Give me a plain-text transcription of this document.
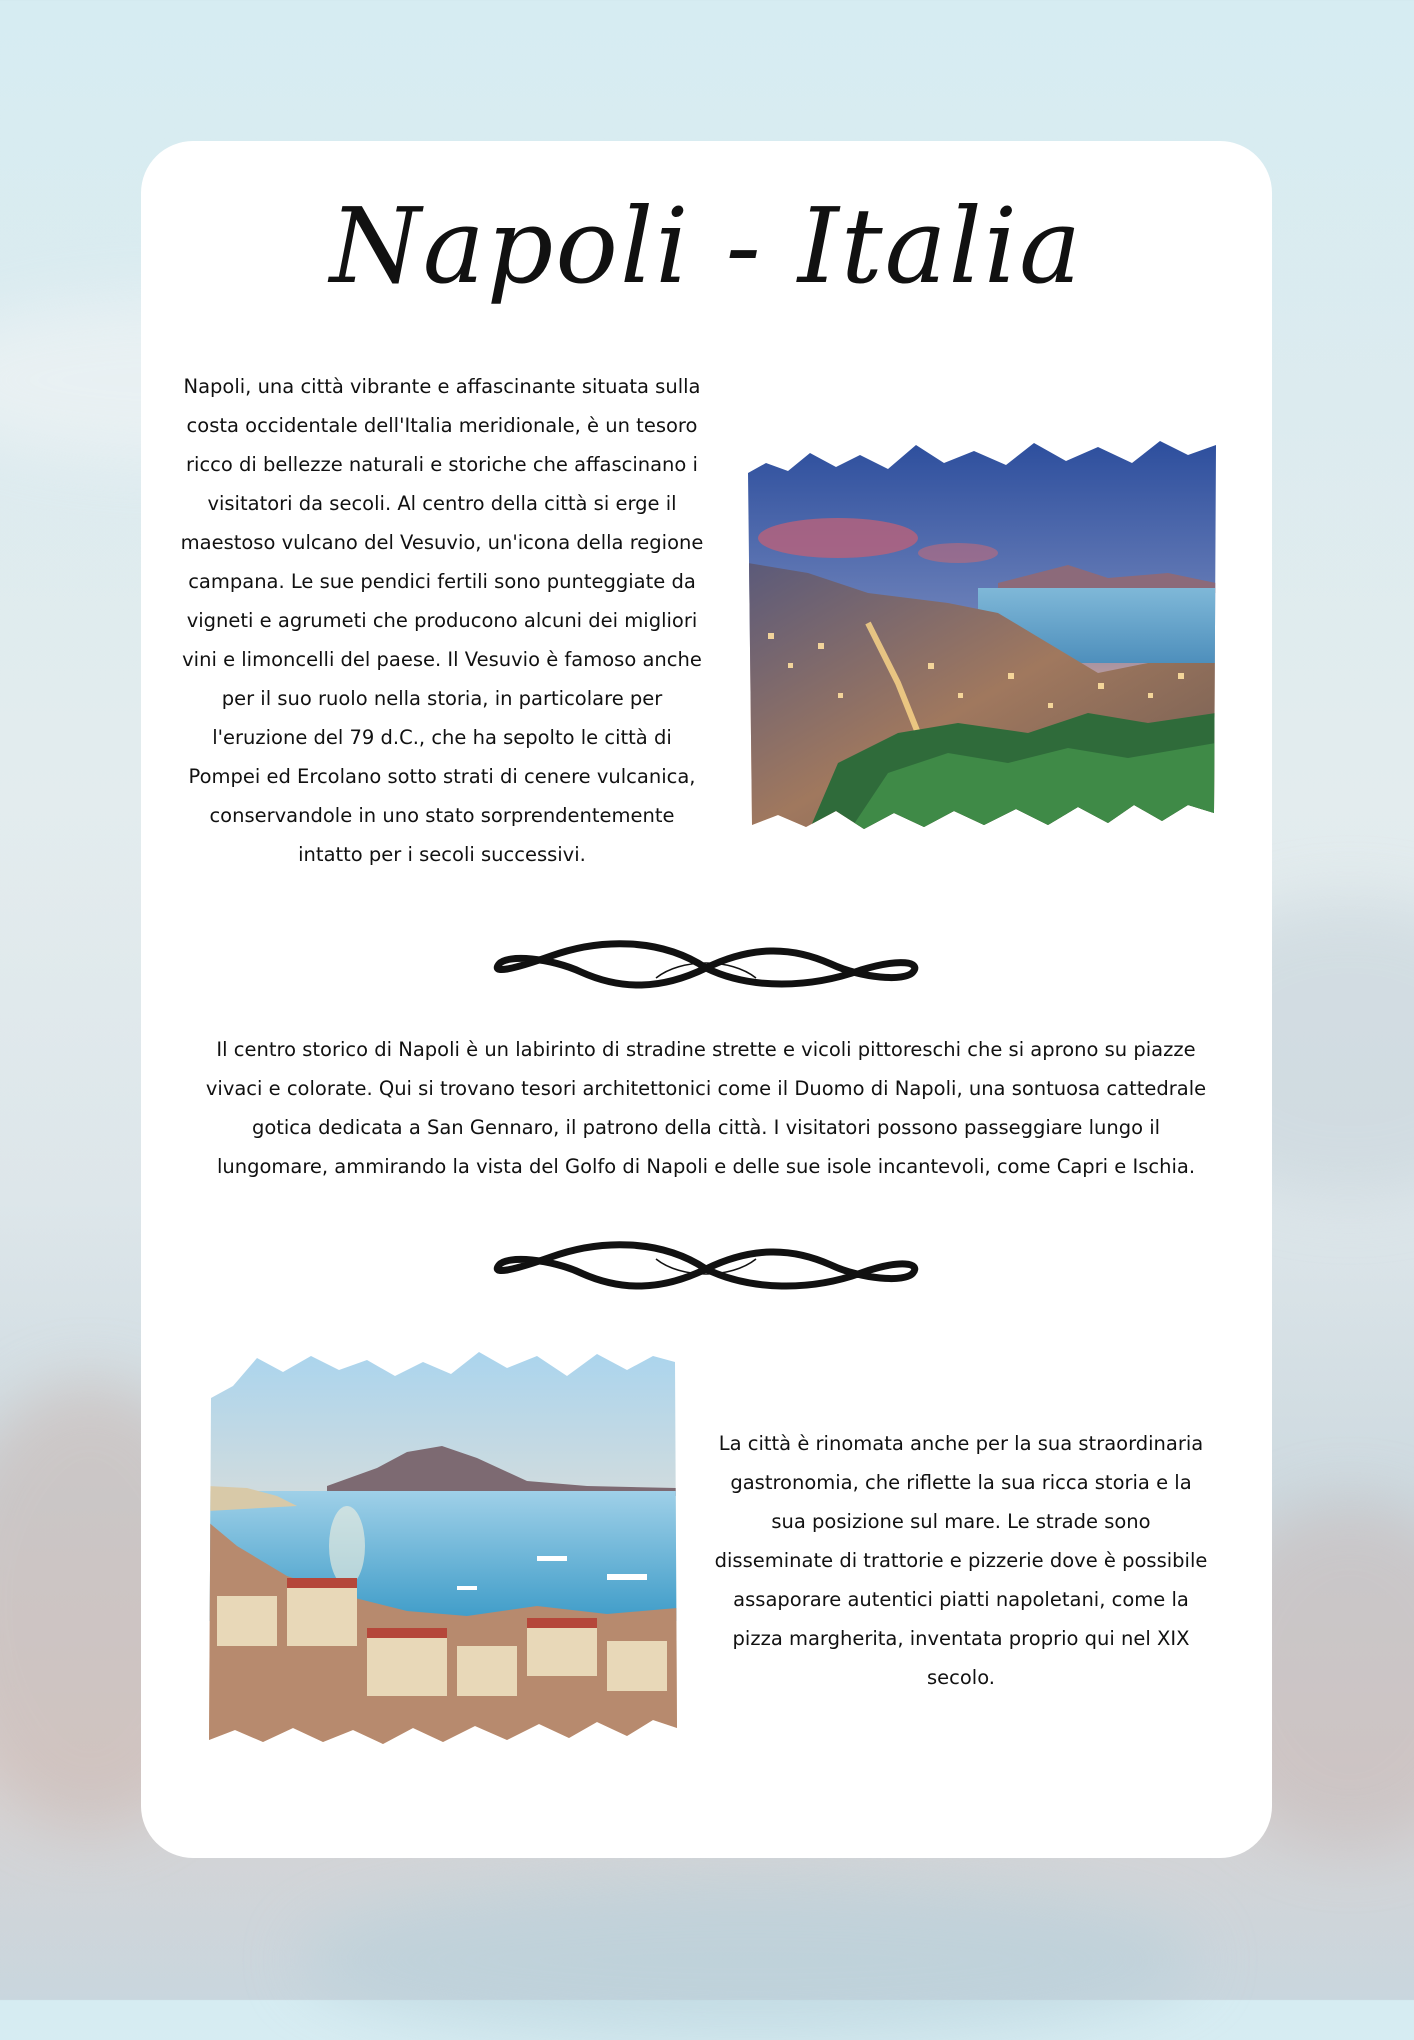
Napoli - Italia

Napoli, una città vibrante e affascinante situata sulla costa occidentale dell'Italia meridionale, è un tesoro ricco di bellezze naturali e storiche che affascinano i visitatori da secoli. Al centro della città si erge il maestoso vulcano del Vesuvio, un'icona della regione campana. Le sue pendici fertili sono punteggiate da vigneti e agrumeti che producono alcuni dei migliori vini e limoncelli del paese. Il Vesuvio è famoso anche per il suo ruolo nella storia, in particolare per l'eruzione del 79 d.C., che ha sepolto le città di Pompei ed Ercolano sotto strati di cenere vulcanica, conservandole in uno stato sorprendentemente intatto per i secoli successivi.

Il centro storico di Napoli è un labirinto di stradine strette e vicoli pittoreschi che si aprono su piazze vivaci e colorate. Qui si trovano tesori architettonici come il Duomo di Napoli, una sontuosa cattedrale gotica dedicata a San Gennaro, il patrono della città. I visitatori possono passeggiare lungo il lungomare, ammirando la vista del Golfo di Napoli e delle sue isole incantevoli, come Capri e Ischia.

La città è rinomata anche per la sua straordinaria gastronomia, che riflette la sua ricca storia e la sua posizione sul mare. Le strade sono disseminate di trattorie e pizzerie dove è possibile assaporare autentici piatti napoletani, come la pizza margherita, inventata proprio qui nel XIX secolo.
